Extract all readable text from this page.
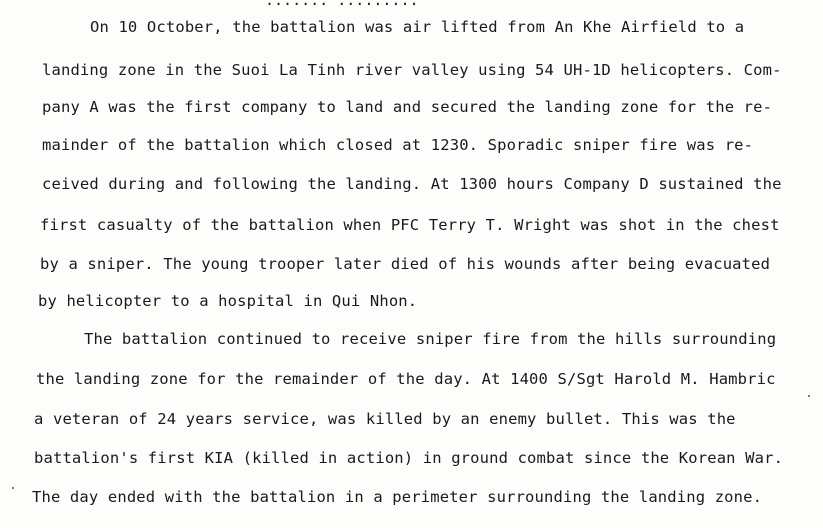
....... .........
On 10 October, the battalion was air lifted from An Khe Airfield to a
landing zone in the Suoi La Tinh river valley using 54 UH-1D helicopters. Com-
pany A was the first company to land and secured the landing zone for the re-
mainder of the battalion which closed at 1230. Sporadic sniper fire was re-
ceived during and following the landing. At 1300 hours Company D sustained the
first casualty of the battalion when PFC Terry T. Wright was shot in the chest
by a sniper. The young trooper later died of his wounds after being evacuated
by helicopter to a hospital in Qui Nhon.
The battalion continued to receive sniper fire from the hills surrounding
the landing zone for the remainder of the day. At 1400 S/Sgt Harold M. Hambric
a veteran of 24 years service, was killed by an enemy bullet. This was the
battalion's first KIA (killed in action) in ground combat since the Korean War.
The day ended with the battalion in a perimeter surrounding the landing zone.
